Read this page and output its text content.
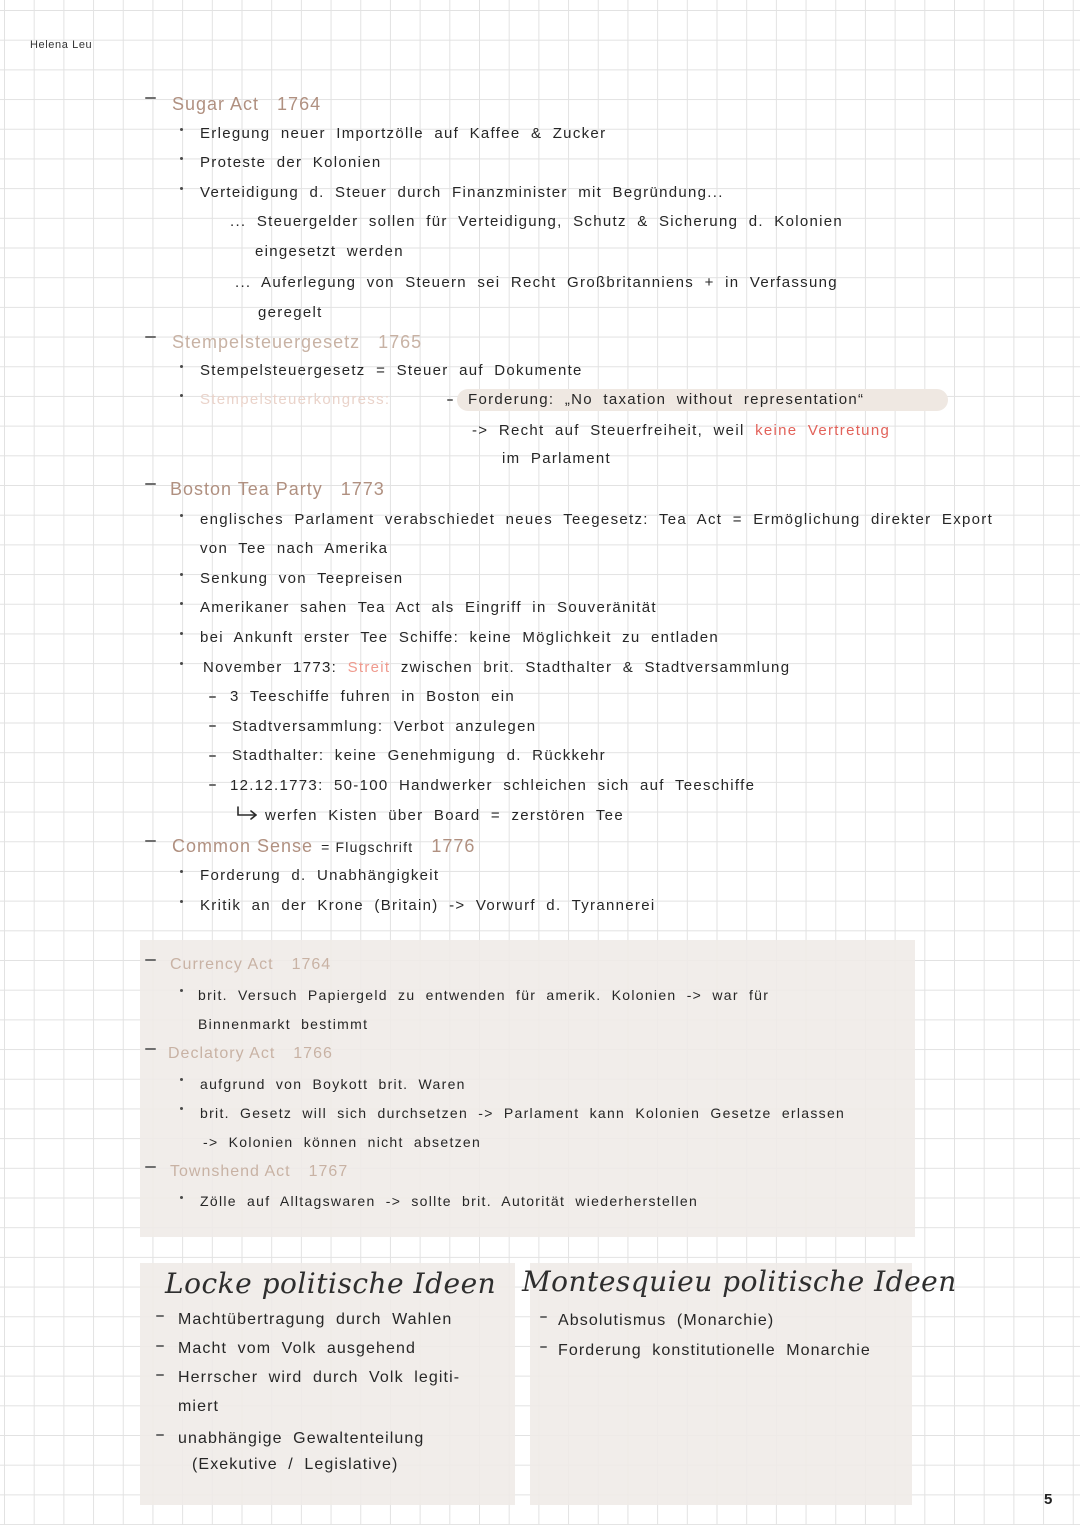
Helena Leu
Sugar Act 1764
Erlegung neuer Importzölle auf Kaffee & Zucker
Proteste der Kolonien
Verteidigung d. Steuer durch Finanzminister mit Begründung...
... Steuergelder sollen für Verteidigung, Schutz & Sicherung d. Kolonien
eingesetzt werden
... Auferlegung von Steuern sei Recht Großbritanniens + in Verfassung
geregelt
Stempelsteuergesetz 1765
Stempelsteuergesetz = Steuer auf Dokumente
Stempelsteuerkongress:	Forderung: „No taxation without representation“
-> Recht auf Steuerfreiheit, weil keine Vertretung
im Parlament
Boston Tea Party 1773
englisches Parlament verabschiedet neues Teegesetz: Tea Act = Ermöglichung direkter Export
von Tee nach Amerika
Senkung von Teepreisen
Amerikaner sahen Tea Act als Eingriff in Souveränität
bei Ankunft erster Tee Schiffe: keine Möglichkeit zu entladen
November 1773: Streit zwischen brit. Stadthalter & Stadtversammlung
3 Teeschiffe fuhren in Boston ein
Stadtversammlung: Verbot anzulegen
Stadthalter: keine Genehmigung d. Rückkehr
12.12.1773: 50-100 Handwerker schleichen sich auf Teeschiffe
werfen Kisten über Board = zerstören Tee
Common Sense = Flugschrift 1776
Forderung d. Unabhängigkeit
Kritik an der Krone (Britain) -> Vorwurf d. Tyrannerei
Currency Act 1764
brit. Versuch Papiergeld zu entwenden für amerik. Kolonien -> war für
Binnenmarkt bestimmt
Declatory Act 1766
aufgrund von Boykott brit. Waren
brit. Gesetz will sich durchsetzen -> Parlament kann Kolonien Gesetze erlassen
-> Kolonien können nicht absetzen
Townshend Act 1767
Zölle auf Alltagswaren -> sollte brit. Autorität wiederherstellen
Locke politische Ideen
Machtübertragung durch Wahlen
Macht vom Volk ausgehend
Herrscher wird durch Volk legiti-
miert
unabhängige Gewaltenteilung
(Exekutive / Legislative)
Montesquieu politische Ideen
Absolutismus (Monarchie)
Forderung konstitutionelle Monarchie
5
